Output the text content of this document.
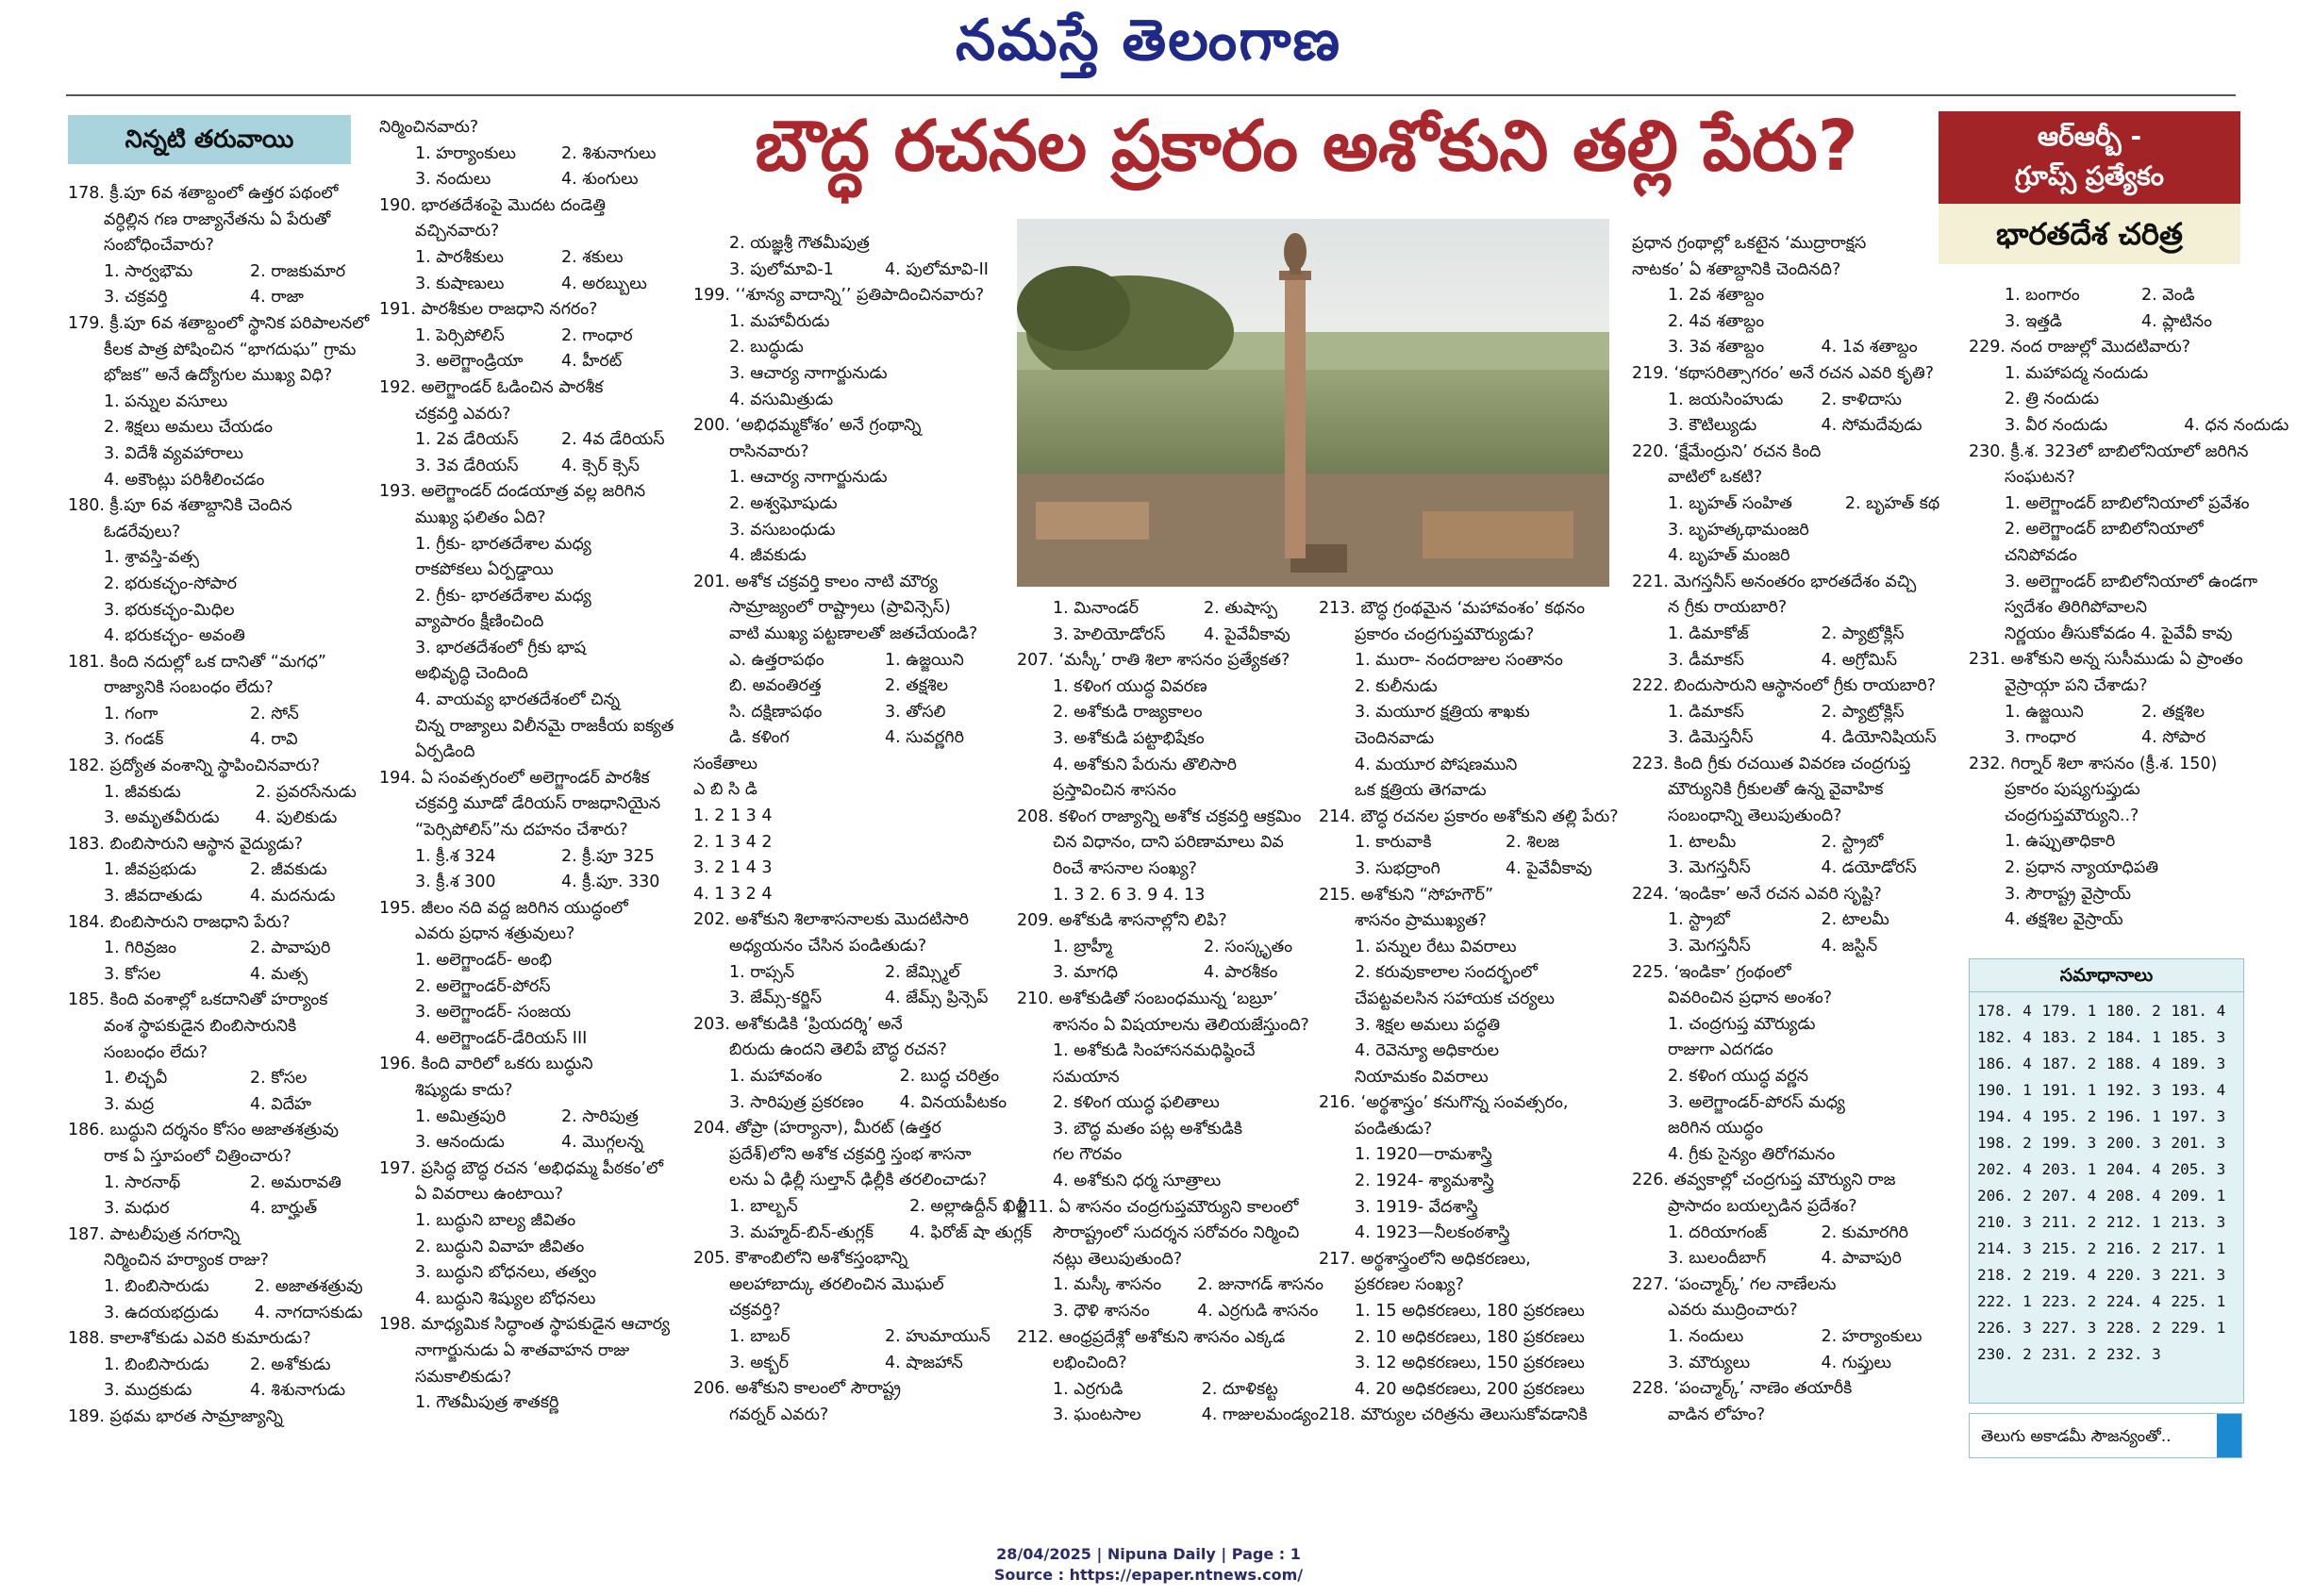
నమస్తే తెలంగాణ
నిన్నటి తరువాయి	బౌద్ధ రచనల ప్రకారం అశోకుని తల్లి పేరు?	ఆర్ఆర్బీ -
గ్రూప్స్ ప్రత్యేకం
భారతదేశ చరిత్ర
178. క్రీ.పూ 6వ శతాబ్దంలో ఉత్తర పథంలో
వర్ధిల్లిన గణ రాజ్యానేతను ఏ పేరుతో
సంబోధించేవారు?
1. సార్వభౌమ	2. రాజకుమార
3. చక్రవర్తి	4. రాజా
179. క్రీ.పూ 6వ శతాబ్దంలో స్థానిక పరిపాలనలో
కీలక పాత్ర పోషించిన “భాగదుఘ” గ్రామ
భోజక” అనే ఉద్యోగుల ముఖ్య విధి?
1. పన్నుల వసూలు
2. శిక్షలు అమలు చేయడం
3. విదేశీ వ్యవహారాలు
4. అకౌంట్లు పరిశీలించడం
180. క్రీ.పూ 6వ శతాబ్దానికి చెందిన
ఓడరేవులు?
1. శ్రావస్తి-వత్స
2. భరుకచ్ఛం-సోపార
3. భరుకచ్ఛం-మిధిల
4. భరుకచ్ఛం- అవంతి
181. కింది నదుల్లో ఒక దానితో “మగధ”
రాజ్యానికి సంబంధం లేదు?
1. గంగా	2. సోన్
3. గండక్	4. రావి
182. ప్రద్యోత వంశాన్ని స్థాపించినవారు?
1. జీవకుడు	2. ప్రవరసేనుడు
3. అమృతవీరుడు	4. పులికుడు
183. బింబిసారుని ఆస్థాన వైద్యుడు?
1. జీవప్రభుడు	2. జీవకుడు
3. జీవదాతుడు	4. మదనుడు
184. బింబిసారుని రాజధాని పేరు?
1. గిరివ్రజం	2. పావాపురి
3. కోసల	4. మత్స
185. కింది వంశాల్లో ఒకదానితో హర్యాంక
వంశ స్థాపకుడైన బింబిసారునికి
సంబంధం లేదు?
1. లిచ్ఛవీ	2. కోసల
3. మద్ర	4. విదేహ
186. బుద్ధుని దర్శనం కోసం అజాతశత్రువు
రాక ఏ స్తూపంలో చిత్రించారు?
1. సారనాథ్	2. అమరావతి
3. మధుర	4. బార్హుత్
187. పాటలీపుత్ర నగరాన్ని
నిర్మించిన హర్యాంక రాజు?
1. బింబిసారుడు	2. అజాతశత్రువు
3. ఉదయభద్రుడు	4. నాగదాసకుడు
188. కాలాశోకుడు ఎవరి కుమారుడు?
1. బింబిసారుడు	2. అశోకుడు
3. ముద్రకుడు	4. శిశునాగుడు
189. ప్రథమ భారత సామ్రాజ్యాన్ని
నిర్మించినవారు?
1. హర్యాంకులు	2. శిశునాగులు
3. నందులు	4. శుంగులు
190. భారతదేశంపై మొదట దండెత్తి
వచ్చినవారు?
1. పారశీకులు	2. శకులు
3. కుషాణులు	4. అరబ్బులు
191. పారశీకుల రాజధాని నగరం?
1. పెర్సిపోలిస్	2. గాంధార
3. అలెగ్జాండ్రియా	4. హీరట్
192. అలెగ్జాండర్ ఓడించిన పారశీక
చక్రవర్తి ఎవరు?
1. 2వ డేరియస్	2. 4వ డేరియస్
3. 3వ డేరియస్	4. క్సెర్ క్సెస్
193. అలెగ్జాండర్ దండయాత్ర వల్ల జరిగిన
ముఖ్య ఫలితం ఏది?
1. గ్రీకు- భారతదేశాల మధ్య
రాకపోకలు ఏర్పడ్డాయి
2. గ్రీకు- భారతదేశాల మధ్య
వ్యాపారం క్షీణించింది
3. భారతదేశంలో గ్రీకు భాష
అభివృద్ధి చెందింది
4. వాయవ్య భారతదేశంలో చిన్న
చిన్న రాజ్యాలు విలీనమై రాజకీయ ఐక్యత
ఏర్పడింది
194. ఏ సంవత్సరంలో అలెగ్జాండర్ పారశీక
చక్రవర్తి మూడో డేరియస్ రాజధానియైన
“పెర్సిపోలిస్”ను దహనం చేశారు?
1. క్రీ.శ 324	2. క్రీ.పూ 325
3. క్రీ.శ 300	4. క్రీ.పూ. 330
195. జీలం నది వద్ద జరిగిన యుద్ధంలో
ఎవరు ప్రధాన శత్రువులు?
1. అలెగ్జాండర్- అంభి
2. అలెగ్జాండర్-పోరస్
3. అలెగ్జాండర్- సంజయ
4. అలెగ్జాండర్-డేరియస్ III
196. కింది వారిలో ఒకరు బుద్ధుని
శిష్యుడు కాదు?
1. అమిత్రపురి	2. సారిపుత్ర
3. ఆనందుడు	4. మొగ్గలన్న
197. ప్రసిద్ధ బౌద్ధ రచన ‘అభిధమ్మ పీఠకం’లో
ఏ వివరాలు ఉంటాయి?
1. బుద్ధుని బాల్య జీవితం
2. బుద్ధుని వివాహ జీవితం
3. బుద్ధుని బోధనలు, తత్వం
4. బుద్ధుని శిష్యుల బోధనలు
198. మాధ్యమిక సిద్ధాంత స్థాపకుడైన ఆచార్య
నాగార్జునుడు ఏ శాతవాహన రాజు
సమకాలికుడు?
1. గౌతమీపుత్ర శాతకర్ణి
2. యజ్ఞశ్రీ గౌతమీపుత్ర
3. పులోమావి-1	4. పులోమావి-II
199. ‘‘శూన్య వాదాన్ని’’ ప్రతిపాదించినవారు?
1. మహావీరుడు
2. బుద్ధుడు
3. ఆచార్య నాగార్జునుడు
4. వసుమిత్రుడు
200. ‘అభిధమ్మకోశం’ అనే గ్రంథాన్ని
రాసినవారు?
1. ఆచార్య నాగార్జునుడు
2. అశ్వఘోషుడు
3. వసుబంధుడు
4. జీవకుడు
201. అశోక చక్రవర్తి కాలం నాటి మౌర్య
సామ్రాజ్యంలో రాష్ట్రాలు (ప్రావిన్సెస్)
వాటి ముఖ్య పట్టణాలతో జతచేయండి?
ఎ. ఉత్తరాపథం	1. ఉజ్జయిని
బి. అవంతిరత్త	2. తక్షశిల
సి. దక్షిణాపథం	3. తోసలి
డి. కళింగ	4. సువర్ణగిరి
సంకేతాలు
ఎ బి సి డి
1. 2 1 3 4
2. 1 3 4 2
3. 2 1 4 3
4. 1 3 2 4
202. అశోకుని శిలాశాసనాలకు మొదటిసారి
అధ్యయనం చేసిన పండితుడు?
1. రాప్సన్	2. జేమ్స్మిల్
3. జేమ్స్-కర్జిస్	4. జేమ్స్ ప్రిన్సెప్
203. అశోకుడికి ‘ప్రియదర్శి’ అనే
బిరుదు ఉందని తెలిపే బౌద్ధ రచన?
1. మహావంశం	2. బుద్ధ చరిత్రం
3. సారిపుత్ర ప్రకరణం	4. వినయపీటకం
204. తోప్రా (హర్యానా), మీరట్ (ఉత్తర
ప్రదేశ్)లోని అశోక చక్రవర్తి స్తంభ శాసనా
లను ఏ ఢిల్లీ సుల్తాన్ ఢిల్లీకి తరలించాడు?
1. బాల్బన్	2. అల్లాఉద్దీన్ ఖిల్జీ
3. మహ్మద్-బిన్-తుగ్లక్	4. ఫిరోజ్ షా తుగ్లక్
205. కౌశాంబిలోని అశోకస్తంభాన్ని
అలహాబాద్కు తరలించిన మొఘల్
చక్రవర్తి?
1. బాబర్	2. హుమాయున్
3. అక్బర్	4. షాజహాన్
206. అశోకుని కాలంలో సౌరాష్ట్ర
గవర్నర్ ఎవరు?
1. మినాండర్	2. తుషాస్ప
3. హెలియోడోరస్	4. పైవేవీకావు
207. ‘మస్కీ’ రాతి శిలా శాసనం ప్రత్యేకత?
1. కళింగ యుద్ధ వివరణ
2. అశోకుడి రాజ్యకాలం
3. అశోకుడి పట్టాభిషేకం
4. అశోకుని పేరును తొలిసారి
ప్రస్తావించిన శాసనం
208. కళింగ రాజ్యాన్ని అశోక చక్రవర్తి ఆక్రమిం
చిన విధానం, దాని పరిణామాలు వివ
రించే శాసనాల సంఖ్య?
1. 3 2. 6 3. 9 4. 13
209. అశోకుడి శాసనాల్లోని లిపి?
1. బ్రాహ్మీ	2. సంస్కృతం
3. మాగధి	4. పారశీకం
210. అశోకుడితో సంబంధమున్న ‘బబ్రూ’
శాసనం ఏ విషయాలను తెలియజేస్తుంది?
1. అశోకుడి సింహాసనమధిష్ఠించే
సమయాన
2. కళింగ యుద్ధ ఫలితాలు
3. బౌద్ధ మతం పట్ల అశోకుడికి
గల గౌరవం
4. అశోకుని ధర్మ సూత్రాలు
211. ఏ శాసనం చంద్రగుప్తమౌర్యుని కాలంలో
సౌరాష్ట్రంలో సుదర్శన సరోవరం నిర్మించి
నట్లు తెలుపుతుంది?
1. మస్కీ శాసనం	2. జునాగడ్ శాసనం
3. ధౌళి శాసనం	4. ఎర్రగుడి శాసనం
212. ఆంధ్రప్రదేశ్లో అశోకుని శాసనం ఎక్కడ
లభించింది?
1. ఎర్రగుడి	2. దూళికట్ట
3. ఘంటసాల	4. గాజులమండ్యం
213. బౌద్ధ గ్రంథమైన ‘మహావంశం’ కథనం
ప్రకారం చంద్రగుప్తమౌర్యుడు?
1. మురా- నందరాజుల సంతానం
2. కులీనుడు
3. మయూర క్షత్రియ శాఖకు
చెందినవాడు
4. మయూర పోషణముని
ఒక క్షత్రియ తెగవాడు
214. బౌద్ధ రచనల ప్రకారం అశోకుని తల్లి పేరు?
1. కారువాకి	2. శిలజ
3. సుభద్రాంగి	4. పైవేవీకావు
215. అశోకుని “సోహగౌర్”
శాసనం ప్రాముఖ్యత?
1. పన్నుల రేటు వివరాలు
2. కరువుకాలాల సందర్భంలో
చేపట్టవలసిన సహాయక చర్యలు
3. శిక్షల అమలు పద్ధతి
4. రెవెన్యూ అధికారుల
నియామకం వివరాలు
216. ‘అర్థశాస్త్రం’ కనుగొన్న సంవత్సరం,
పండితుడు?
1. 1920—రామశాస్త్రి
2. 1924- శ్యామశాస్త్రి
3. 1919- వేదశాస్త్రి
4. 1923—నీలకంఠశాస్త్రి
217. అర్థశాస్త్రంలోని అధికరణలు,
ప్రకరణల సంఖ్య?
1. 15 అధికరణలు, 180 ప్రకరణలు
2. 10 అధికరణలు, 180 ప్రకరణలు
3. 12 అధికరణలు, 150 ప్రకరణలు
4. 20 అధికరణలు, 200 ప్రకరణలు
218. మౌర్యుల చరిత్రను తెలుసుకోవడానికి
ప్రధాన గ్రంథాల్లో ఒకటైన ‘ముద్రారాక్షస
నాటకం’ ఏ శతాబ్దానికి చెందినది?
1. 2వ శతాబ్దం

2. 4వ శతాబ్దం

3. 3వ శతాబ్దం	4. 1వ శతాబ్దం
219. ‘కథాసరిత్సాగరం’ అనే రచన ఎవరి కృతి?
1. జయసింహుడు	2. కాళిదాసు
3. కౌటిల్యుడు	4. సోమదేవుడు
220. ‘క్షేమేంద్రుని’ రచన కింది
వాటిలో ఒకటి?
1. బృహత్ సంహిత	2. బృహత్ కథ
3. బృహత్కథామంజరి

4. బృహత్ మంజరి

221. మెగస్తనీస్ అనంతరం భారతదేశం వచ్చి
న గ్రీకు రాయబారి?
1. డిమాకోజ్	2. ప్యాట్రోక్లిస్
3. డీమాకస్	4. అగ్రోమిస్
222. బిందుసారుని ఆస్థానంలో గ్రీకు రాయబారి?
1. డిమాకస్	2. ప్యాట్రోక్లిస్
3. డిమెస్తనీస్	4. డియోనిషియస్
223. కింది గ్రీకు రచయిత వివరణ చంద్రగుప్త
మౌర్యునికి గ్రీకులతో ఉన్న వైవాహిక
సంబంధాన్ని తెలుపుతుంది?
1. టాలమీ	2. స్ట్రాబో
3. మెగస్తనీస్	4. డయోడోరస్
224. ‘ఇండికా’ అనే రచన ఎవరి సృష్టి?
1. స్ట్రాబో	2. టాలమీ
3. మెగస్తనీస్	4. జస్టిన్
225. ‘ఇండికా’ గ్రంథంలో
వివరించిన ప్రధాన అంశం?
1. చంద్రగుప్త మౌర్యుడు
రాజుగా ఎదగడం
2. కళింగ యుద్ధ వర్ణన
3. అలెగ్జాండర్-పోరస్ మధ్య
జరిగిన యుద్ధం
4. గ్రీకు సైన్యం తిరోగమనం
226. తవ్వకాల్లో చంద్రగుప్త మౌర్యుని రాజ
ప్రాసాదం బయల్పడిన ప్రదేశం?
1. దరియాగంజ్	2. కుమారగిరి
3. బులందీబాగ్	4. పావాపురి
227. ‘పంచ్మార్క్’ గల నాణేలను
ఎవరు ముద్రించారు?
1. నందులు	2. హర్యాంకులు
3. మౌర్యులు	4. గుప్తులు
228. ‘పంచ్మార్క్’ నాణెం తయారీకి
వాడిన లోహం?
1. బంగారం	2. వెండి
3. ఇత్తడి	4. ప్లాటినం
229. నంద రాజుల్లో మొదటివారు?
1. మహాపద్మ నందుడు

2. త్రి నందుడు

3. వీర నందుడు	4. ధన నందుడు
230. క్రీ.శ. 323లో బాబిలోనియాలో జరిగిన
సంఘటన?
1. అలెగ్జాండర్ బాబిలోనియాలో ప్రవేశం
2. అలెగ్జాండర్ బాబిలోనియాలో
చనిపోవడం
3. అలెగ్జాండర్ బాబిలోనియాలో ఉండగా
స్వదేశం తిరిగిపోవాలని
నిర్ణయం తీసుకోవడం 4. పైవేవీ కావు
231. అశోకుని అన్న సుసీముడు ఏ ప్రాంతం
వైస్రాయ్గా పని చేశాడు?
1. ఉజ్జయిని	2. తక్షశిల
3. గాంధార	4. సోపార
232. గిర్నార్ శిలా శాసనం (క్రీ.శ. 150)
ప్రకారం పుష్యగుప్తుడు
చంద్రగుప్తమౌర్యుని..?
1. ఉప్పుతాధికారి
2. ప్రధాన న్యాయాధిపతి
3. సౌరాష్ట్ర వైస్రాయ్
4. తక్షశిల వైస్రాయ్
సమాధానాలు
178. 4 179. 1 180. 2 181. 4
182. 4 183. 2 184. 1 185. 3
186. 4 187. 2 188. 4 189. 3
190. 1 191. 1 192. 3 193. 4
194. 4 195. 2 196. 1 197. 3
198. 2 199. 3 200. 3 201. 3
202. 4 203. 1 204. 4 205. 3
206. 2 207. 4 208. 4 209. 1
210. 3 211. 2 212. 1 213. 3
214. 3 215. 2 216. 2 217. 1
218. 2 219. 4 220. 3 221. 3
222. 1 223. 2 224. 4 225. 1
226. 3 227. 3 228. 2 229. 1
230. 2 231. 2 232. 3
తెలుగు అకాడమీ సౌజన్యంతో..
28/04/2025 | Nipuna Daily | Page : 1
Source : https://epaper.ntnews.com/
